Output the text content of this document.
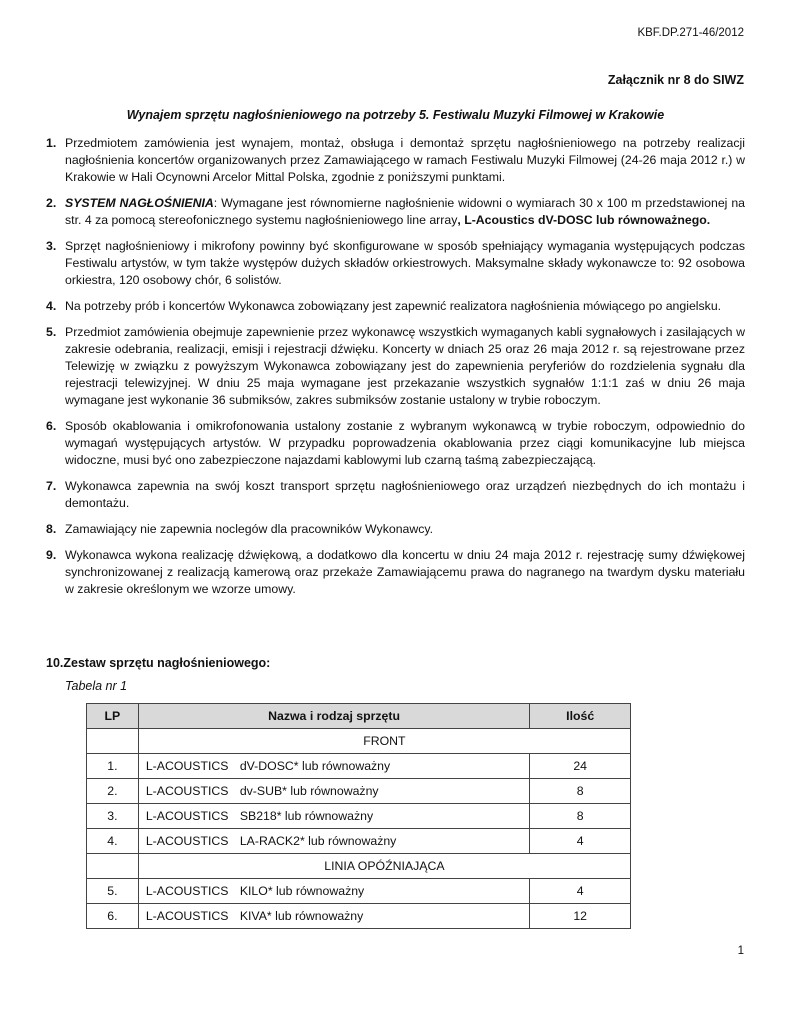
KBF.DP.271-46/2012
Załącznik nr 8 do SIWZ
Wynajem sprzętu nagłośnieniowego na potrzeby 5. Festiwalu Muzyki Filmowej w Krakowie
1. Przedmiotem zamówienia jest wynajem, montaż, obsługa i demontaż sprzętu nagłośnieniowego na potrzeby realizacji nagłośnienia koncertów organizowanych przez Zamawiającego w ramach Festiwalu Muzyki Filmowej (24-26 maja 2012 r.) w Krakowie w Hali Ocynowni Arcelor Mittal Polska, zgodnie z poniższymi punktami.
2. SYSTEM NAGŁOŚNIENIA: Wymagane jest równomierne nagłośnienie widowni o wymiarach 30 x 100 m przedstawionej na str. 4 za pomocą stereofonicznego systemu nagłośnieniowego line array, L-Acoustics dV-DOSC lub równoważnego.
3. Sprzęt nagłośnieniowy i mikrofony powinny być skonfigurowane w sposób spełniający wymagania występujących podczas Festiwalu artystów, w tym także występów dużych składów orkiestrowych. Maksymalne składy wykonawcze to: 92 osobowa orkiestra, 120 osobowy chór, 6 solistów.
4. Na potrzeby prób i koncertów Wykonawca zobowiązany jest zapewnić realizatora nagłośnienia mówiącego po angielsku.
5. Przedmiot zamówienia obejmuje zapewnienie przez wykonawcę wszystkich wymaganych kabli sygnałowych i zasilających w zakresie odebrania, realizacji, emisji i rejestracji dźwięku. Koncerty w dniach 25 oraz 26 maja 2012 r. są rejestrowane przez Telewizję w związku z powyższym Wykonawca zobowiązany jest do zapewnienia peryferiów do rozdzielenia sygnału dla rejestracji telewizyjnej. W dniu 25 maja wymagane jest przekazanie wszystkich sygnałów 1:1:1 zaś w dniu 26 maja wymagane jest wykonanie 36 submiksów, zakres submiksów zostanie ustalony w trybie roboczym.
6. Sposób okablowania i omikrofonowania ustalony zostanie z wybranym wykonawcą w trybie roboczym, odpowiednio do wymagań występujących artystów. W przypadku poprowadzenia okablowania przez ciągi komunikacyjne lub miejsca widoczne, musi być ono zabezpieczone najazdami kablowymi lub czarną taśmą zabezpieczającą.
7. Wykonawca zapewnia na swój koszt transport sprzętu nagłośnieniowego oraz urządzeń niezbędnych do ich montażu i demontażu.
8. Zamawiający nie zapewnia noclegów dla pracowników Wykonawcy.
9. Wykonawca wykona realizację dźwiękową, a dodatkowo dla koncertu w dniu 24 maja 2012 r. rejestrację sumy dźwiękowej synchronizowanej z realizacją kamerową oraz przekaże Zamawiającemu prawa do nagranego na twardym dysku materiału w zakresie określonym we wzorze umowy.
10.Zestaw sprzętu nagłośnieniowego:
Tabela nr 1
LP	Nazwa i rodzaj sprzętu	Ilość
	FRONT	
1.	L-ACOUSTICS dV-DOSC* lub równoważny	24
2.	L-ACOUSTICS dv-SUB* lub równoważny	8
3.	L-ACOUSTICS SB218* lub równoważny	8
4.	L-ACOUSTICS LA-RACK2* lub równoważny	4
	LINIA OPÓŹNIAJĄCA	
5.	L-ACOUSTICS KILO* lub równoważny	4
6.	L-ACOUSTICS KIVA* lub równoważny	12
1
